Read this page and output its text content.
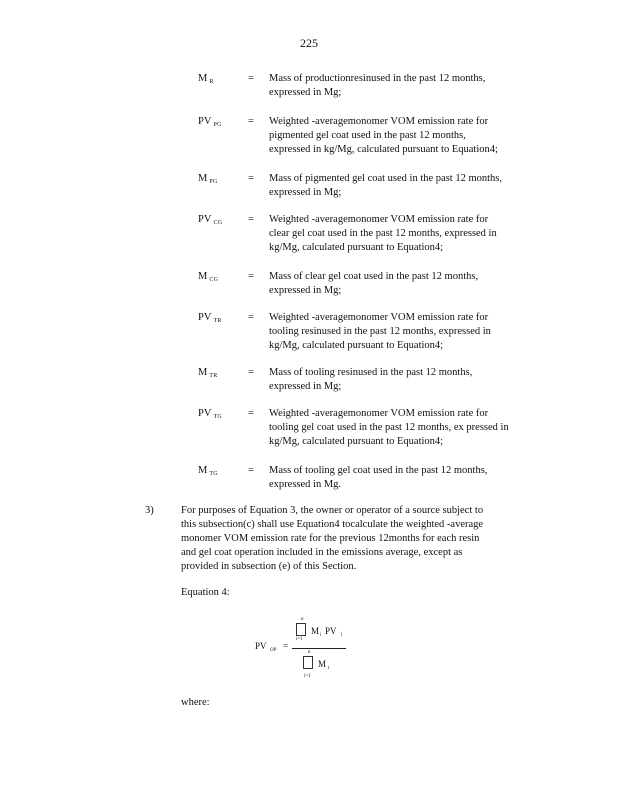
225
M $_R$	= Mass of productionresinused in the past 12 months,
expressed in Mg;
PV $_{PG}$	= Weighted -averagemonomer VOM emission rate for
pigmented gel coat used in the past 12 months,
expressed in kg/Mg, calculated pursuant to Equation4;
M $_{PG}$	= Mass of pigmented gel coat used in the past 12 months,
expressed in Mg;
PV $_{CG}$ = Weighted -averagemonomer VOM emission rate for
clear gel coat used in the past 12 months, expressed in
kg/Mg, calculated pursuant to Equation4;
M $_{CG}$	= Mass of clear gel coat used in the past 12 months,
expressed in Mg;
PV $_{TR}$	= Weighted -averagemonomer VOM emission rate for
tooling resinused in the past 12 months, expressed in
kg/Mg, calculated pursuant to Equation4;
M $_{TR}$	= Mass of tooling resinused in the past 12 months,
expressed in Mg;
PV $_{TG}$ = Weighted -averagemonomer VOM emission rate for
tooling gel coat used in the past 12 months, ex pressed in
kg/Mg, calculated pursuant to Equation4;
M $_{TG}$	= Mass of tooling gel coat used in the past 12 months,
expressed in Mg.
3)	For purposes of Equation 3, the owner or operator of a source subject to
this subsection(c) shall use Equation4 tocalculate the weighted -average
monomer VOM emission rate for the previous 12months for each resin
and gel coat operation included in the emissions average, except as
provided in subsection (e) of this Section.
Equation 4:
PV OP =
n
i=1
M i PV i
n
i=1
M i
where:
